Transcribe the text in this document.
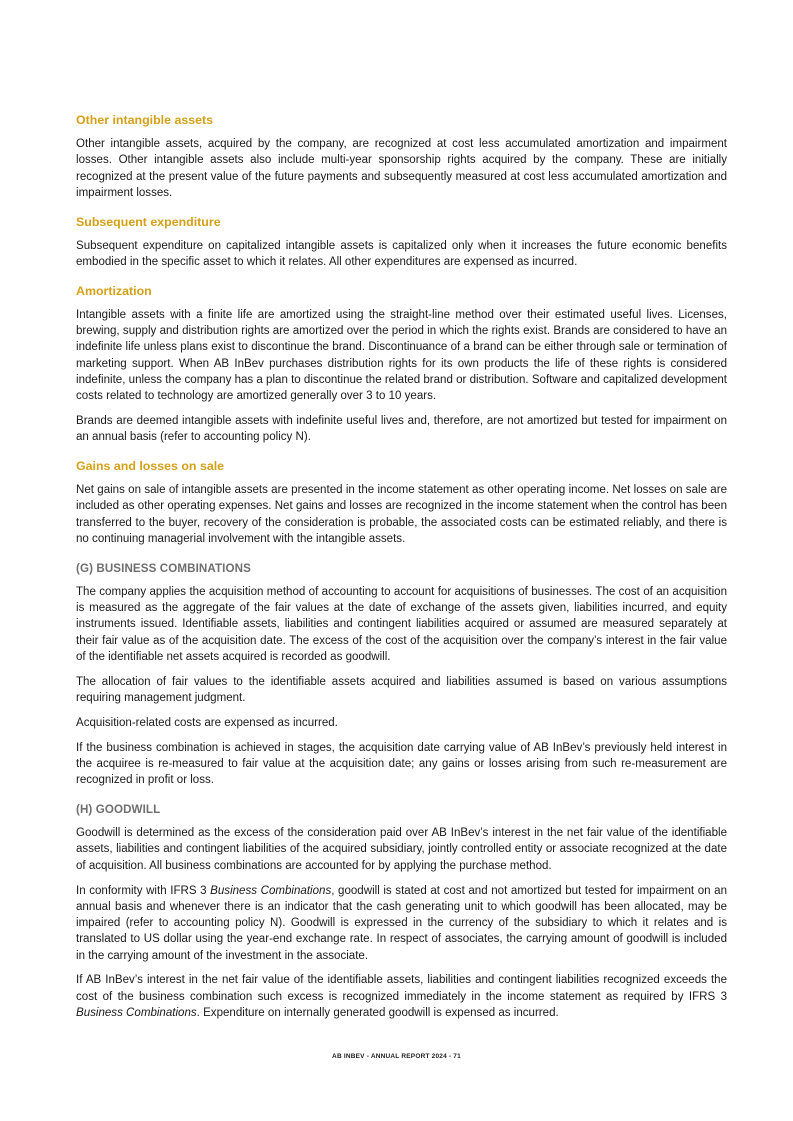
Other intangible assets

Other intangible assets, acquired by the company, are recognized at cost less accumulated amortization and impairment losses. Other intangible assets also include multi-year sponsorship rights acquired by the company. These are initially recognized at the present value of the future payments and subsequently measured at cost less accumulated amortization and impairment losses.

Subsequent expenditure

Subsequent expenditure on capitalized intangible assets is capitalized only when it increases the future economic benefits embodied in the specific asset to which it relates. All other expenditures are expensed as incurred.

Amortization

Intangible assets with a finite life are amortized using the straight-line method over their estimated useful lives. Licenses, brewing, supply and distribution rights are amortized over the period in which the rights exist. Brands are considered to have an indefinite life unless plans exist to discontinue the brand. Discontinuance of a brand can be either through sale or termination of marketing support. When AB InBev purchases distribution rights for its own products the life of these rights is considered indefinite, unless the company has a plan to discontinue the related brand or distribution. Software and capitalized development costs related to technology are amortized generally over 3 to 10 years.

Brands are deemed intangible assets with indefinite useful lives and, therefore, are not amortized but tested for impairment on an annual basis (refer to accounting policy N).

Gains and losses on sale

Net gains on sale of intangible assets are presented in the income statement as other operating income. Net losses on sale are included as other operating expenses. Net gains and losses are recognized in the income statement when the control has been transferred to the buyer, recovery of the consideration is probable, the associated costs can be estimated reliably, and there is no continuing managerial involvement with the intangible assets.

(G) BUSINESS COMBINATIONS

The company applies the acquisition method of accounting to account for acquisitions of businesses. The cost of an acquisition is measured as the aggregate of the fair values at the date of exchange of the assets given, liabilities incurred, and equity instruments issued. Identifiable assets, liabilities and contingent liabilities acquired or assumed are measured separately at their fair value as of the acquisition date. The excess of the cost of the acquisition over the company’s interest in the fair value of the identifiable net assets acquired is recorded as goodwill.

The allocation of fair values to the identifiable assets acquired and liabilities assumed is based on various assumptions requiring management judgment.

Acquisition-related costs are expensed as incurred.

If the business combination is achieved in stages, the acquisition date carrying value of AB InBev’s previously held interest in the acquiree is re-measured to fair value at the acquisition date; any gains or losses arising from such re-measurement are recognized in profit or loss.

(H) GOODWILL

Goodwill is determined as the excess of the consideration paid over AB InBev’s interest in the net fair value of the identifiable assets, liabilities and contingent liabilities of the acquired subsidiary, jointly controlled entity or associate recognized at the date of acquisition. All business combinations are accounted for by applying the purchase method.

In conformity with IFRS 3 Business Combinations, goodwill is stated at cost and not amortized but tested for impairment on an annual basis and whenever there is an indicator that the cash generating unit to which goodwill has been allocated, may be impaired (refer to accounting policy N). Goodwill is expressed in the currency of the subsidiary to which it relates and is translated to US dollar using the year-end exchange rate. In respect of associates, the carrying amount of goodwill is included in the carrying amount of the investment in the associate.

If AB InBev’s interest in the net fair value of the identifiable assets, liabilities and contingent liabilities recognized exceeds the cost of the business combination such excess is recognized immediately in the income statement as required by IFRS 3 Business Combinations. Expenditure on internally generated goodwill is expensed as incurred.

AB INBEV - ANNUAL REPORT 2024 - 71
